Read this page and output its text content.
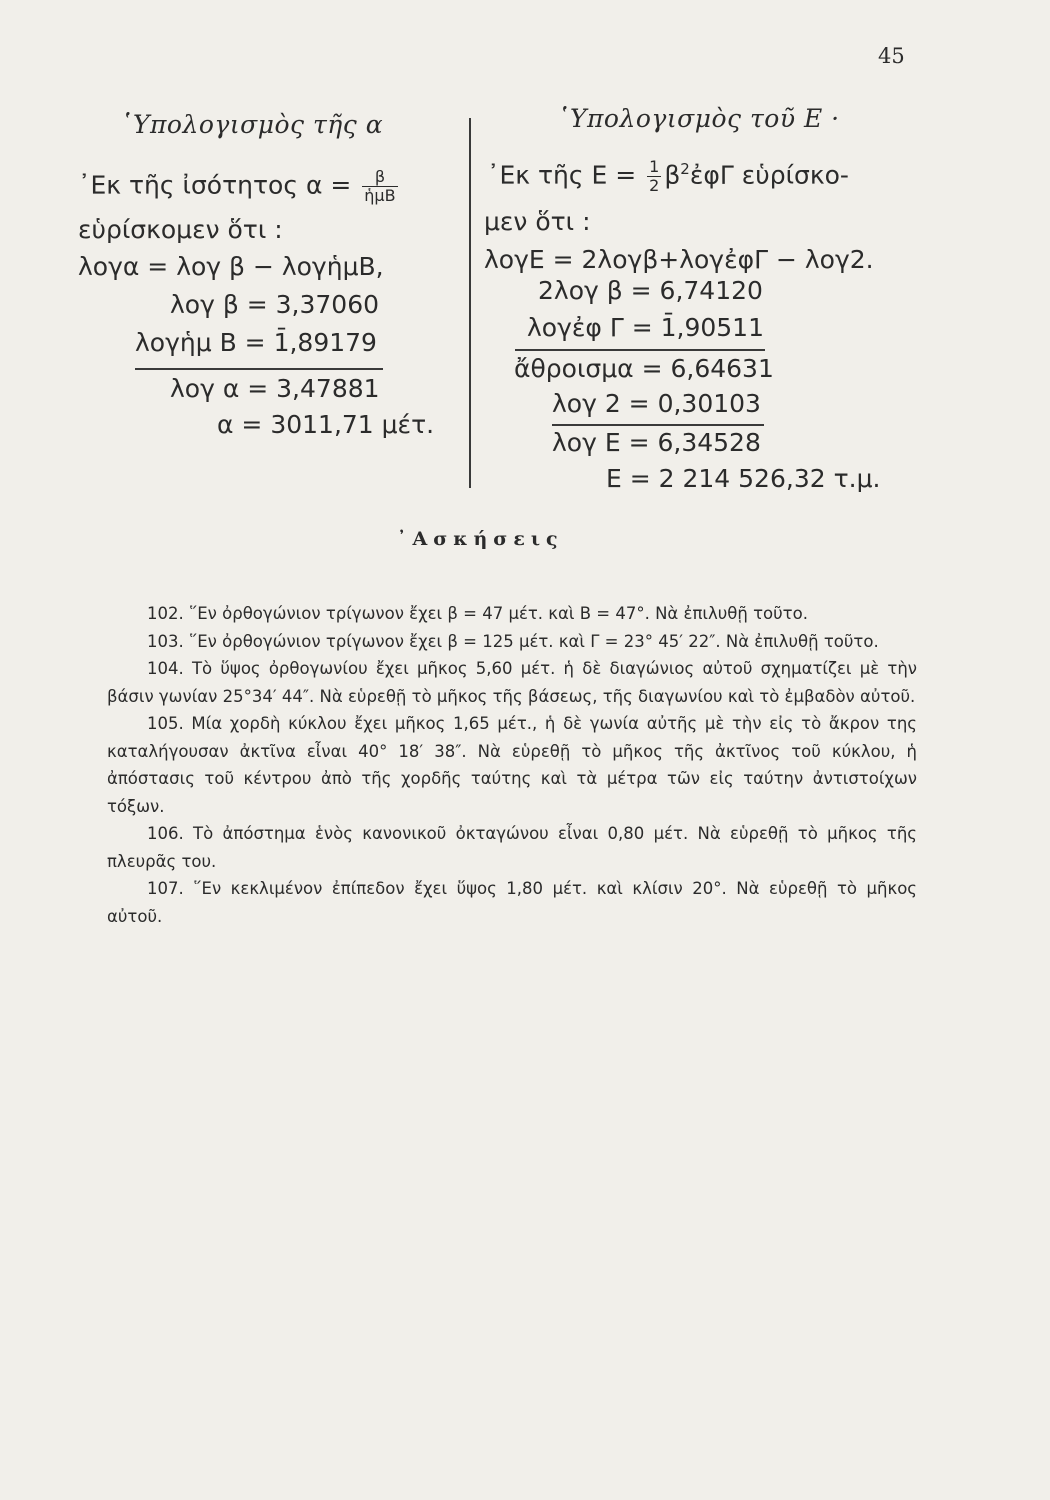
45
῾Υπολογισμὸς τῆς α
᾿Εκ τῆς ἰσότητος $\alpha = \frac{\beta}{\text{ἡμΒ}}$
εὑρίσκομεν ὅτι :
λογα = λογ β − λογἡμΒ,
λογ β = 3,37060
λογἡμ Β = 1̄,89179
λογ α = 3,47881
α = 3011,71 μέτ.
῾Υπολογισμὸς τοῦ Ε ·
᾿Εκ τῆς $E = \frac{1}{2}$ $\beta^2ἐ\varphi\Gamma$ εὑρίσκο-
μεν ὅτι :
λογΕ = 2λογβ+λογἐφΓ − λογ2.
2λογ β = 6,74120
λογἐφ Γ = 1̄,90511
ἄθροισμα = 6,64631
λογ 2 = 0,30103
λογ Ε = 6,34528
Ε = 2 214 526,32 τ.μ.
᾿Ασκήσεις

102. ῞Εν ὀρθογώνιον τρίγωνον ἔχει β = 47 μέτ. καὶ Β = 47°. Νὰ ἐπιλυθῇ τοῦτο.

103. ῞Εν ὀρθογώνιον τρίγωνον ἔχει β = 125 μέτ. καὶ Γ = 23° 45′ 22″. Νὰ ἐπιλυθῇ τοῦτο.

104. Τὸ ὕψος ὀρθογωνίου ἔχει μῆκος 5,60 μέτ. ἡ δὲ διαγώνιος αὐτοῦ σχηματίζει μὲ τὴν βάσιν γωνίαν 25°34′ 44″. Νὰ εὑρεθῇ τὸ μῆκος τῆς βάσεως, τῆς διαγωνίου καὶ τὸ ἐμβαδὸν αὐτοῦ.

105. Μία χορδὴ κύκλου ἔχει μῆκος 1,65 μέτ., ἡ δὲ γωνία αὐτῆς μὲ τὴν εἰς τὸ ἄκρον της καταλήγουσαν ἀκτῖνα εἶναι 40° 18′ 38″. Νὰ εὑρεθῇ τὸ μῆκος τῆς ἀκτῖνος τοῦ κύκλου, ἡ ἀπόστασις τοῦ κέντρου ἀπὸ τῆς χορδῆς ταύτης καὶ τὰ μέτρα τῶν εἰς ταύτην ἀντιστοίχων τόξων.

106. Τὸ ἀπόστημα ἑνὸς κανονικοῦ ὀκταγώνου εἶναι 0,80 μέτ. Νὰ εὑρεθῇ τὸ μῆκος τῆς πλευρᾶς του.

107. ῞Εν κεκλιμένον ἐπίπεδον ἔχει ὕψος 1,80 μέτ. καὶ κλίσιν 20°. Νὰ εὑρεθῇ τὸ μῆκος αὐτοῦ.
